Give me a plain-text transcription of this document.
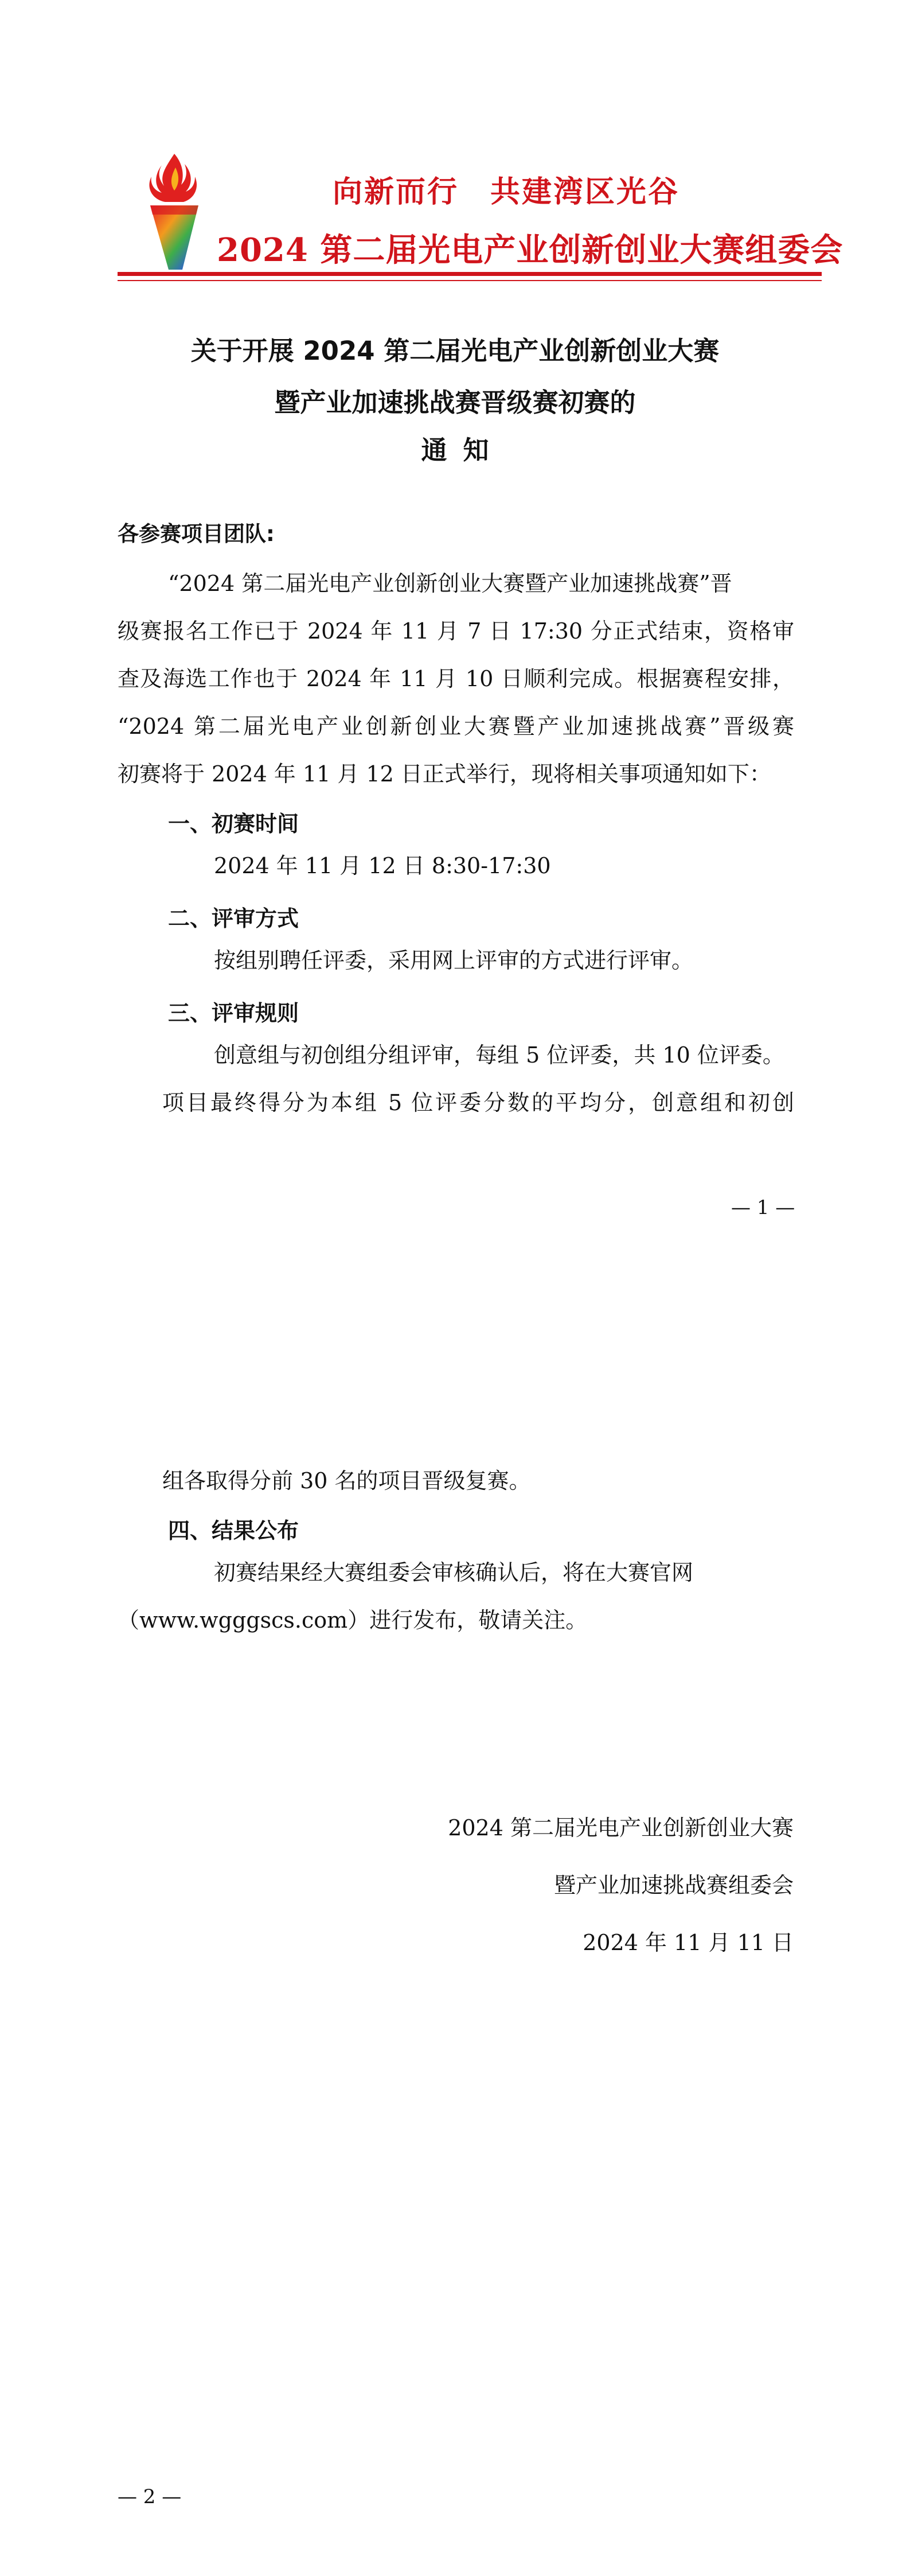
向新而行　共建湾区光谷
2024 第二届光电产业创新创业大赛组委会
关于开展 2024 第二届光电产业创新创业大赛
暨产业加速挑战赛晋级赛初赛的
通知
各参赛项目团队:
“2024 第二届光电产业创新创业大赛暨产业加速挑战赛”晋
级赛报名工作已于 2024 年 11 月 7 日 17:30 分正式结束，资格审
查及海选工作也于 2024 年 11 月 10 日顺利完成。根据赛程安排，
“2024 第二届光电产业创新创业大赛暨产业加速挑战赛”晋级赛
初赛将于 2024 年 11 月 12 日正式举行，现将相关事项通知如下：
一、初赛时间
2024 年 11 月 12 日 8:30-17:30
二、评审方式
按组别聘任评委，采用网上评审的方式进行评审。
三、评审规则
创意组与初创组分组评审，每组 5 位评委，共 10 位评委。
项目最终得分为本组 5 位评委分数的平均分，创意组和初创
— 1 —
组各取得分前 30 名的项目晋级复赛。
四、结果公布
初赛结果经大赛组委会审核确认后，将在大赛官网
（www.wgggscs.com）进行发布，敬请关注。
2024 第二届光电产业创新创业大赛
暨产业加速挑战赛组委会
2024 年 11 月 11 日
— 2 —
